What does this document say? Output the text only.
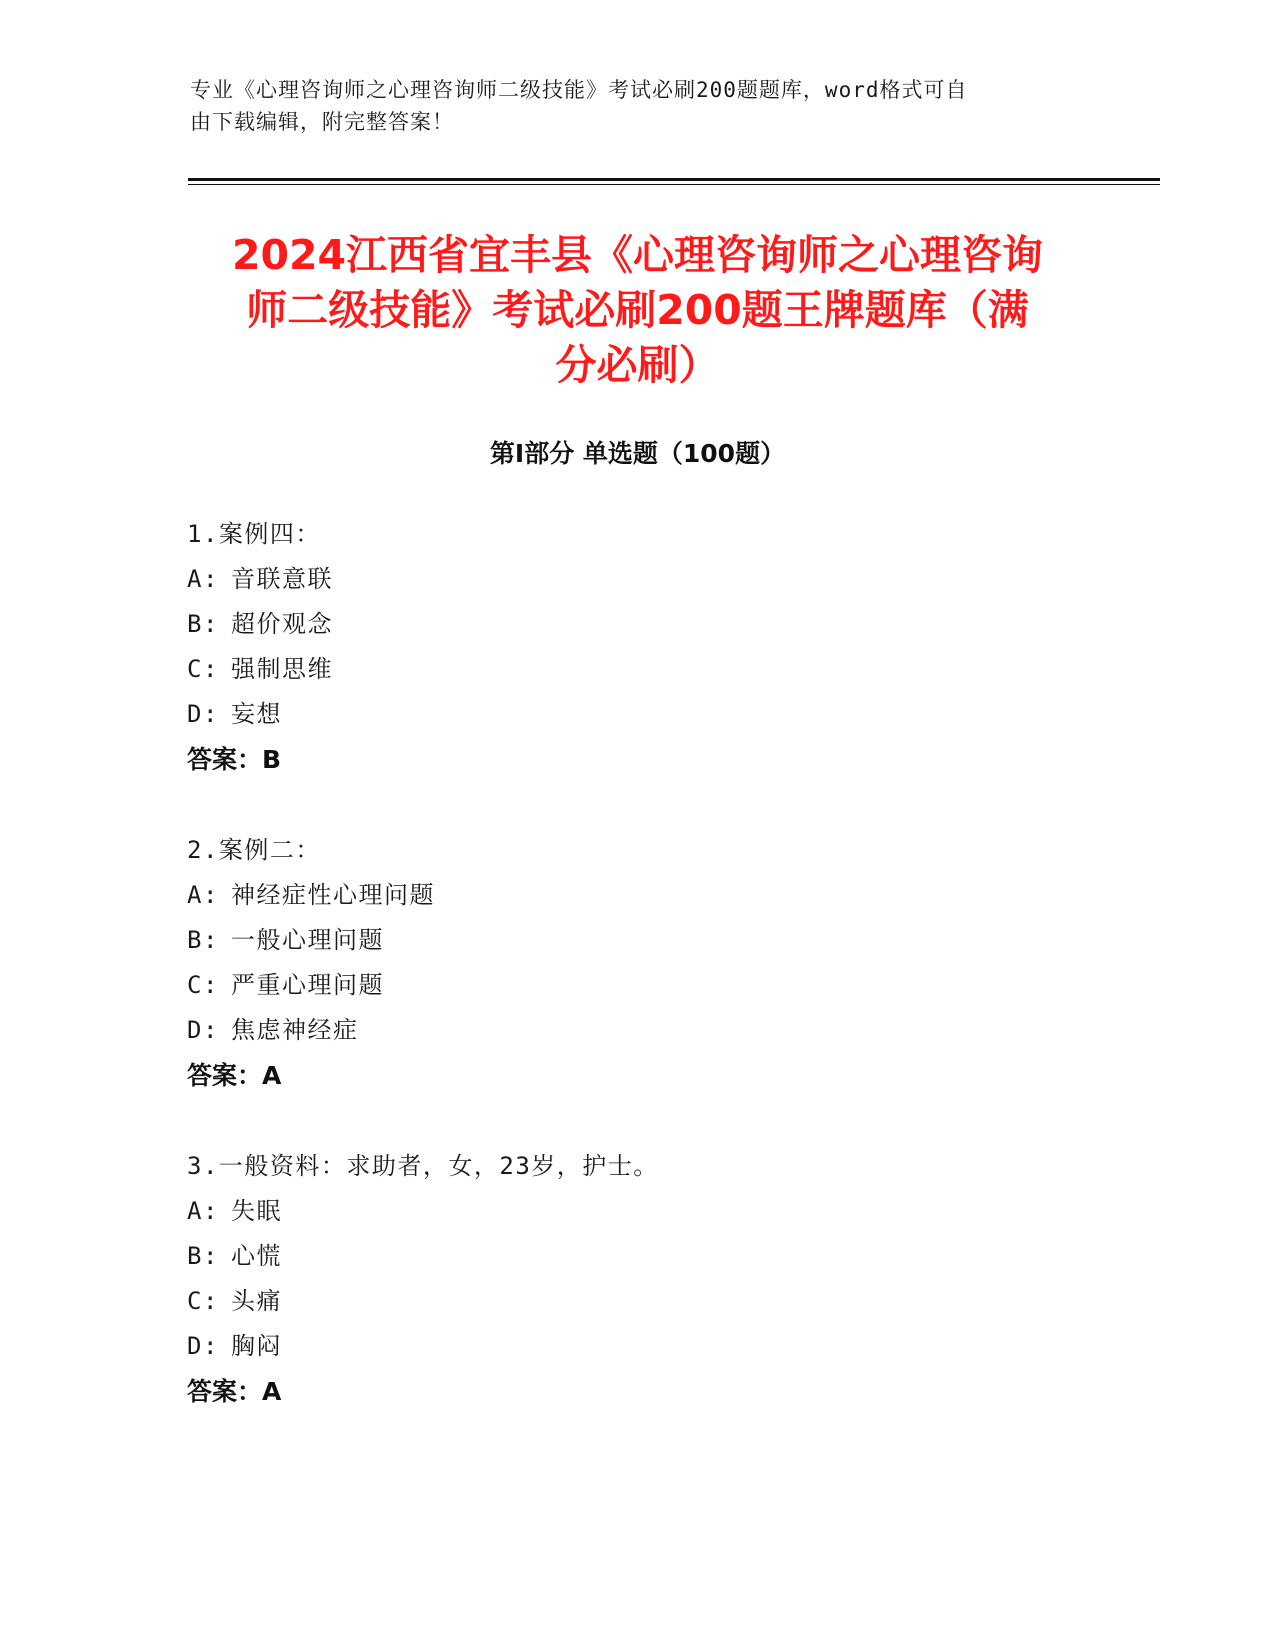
专业《心理咨询师之心理咨询师二级技能》考试必刷200题题库，word格式可自
由下载编辑，附完整答案！
2024江西省宜丰县《心理咨询师之心理咨询
师二级技能》考试必刷200题王牌题库（满
分必刷）
第I部分 单选题（100题）
1.案例四：
A: 音联意联
B: 超价观念
C: 强制思维
D: 妄想
答案：B
2.案例二：
A: 神经症性心理问题
B: 一般心理问题
C: 严重心理问题
D: 焦虑神经症
答案：A
3.一般资料：求助者，女，23岁，护士。
A: 失眠
B: 心慌
C: 头痛
D: 胸闷
答案：A
